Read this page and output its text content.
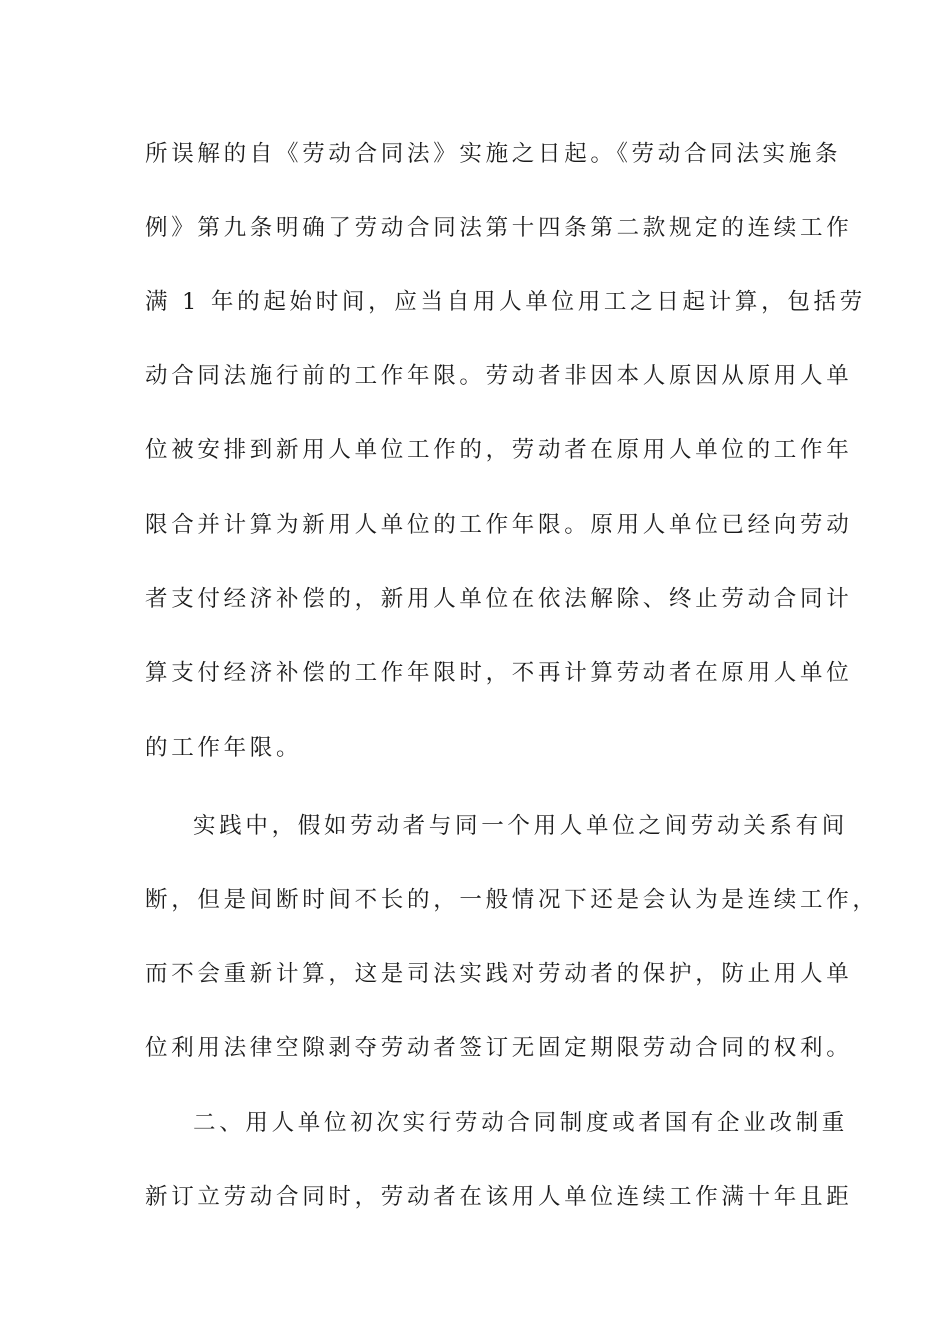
所误解的自《劳动合同法》实施之日起。《劳动合同法实施条
例》第九条明确了劳动合同法第十四条第二款规定的连续工作
满 1 年的起始时间，应当自用人单位用工之日起计算，包括劳
动合同法施行前的工作年限。劳动者非因本人原因从原用人单
位被安排到新用人单位工作的，劳动者在原用人单位的工作年
限合并计算为新用人单位的工作年限。原用人单位已经向劳动
者支付经济补偿的，新用人单位在依法解除、终止劳动合同计
算支付经济补偿的工作年限时，不再计算劳动者在原用人单位
的工作年限。
实践中，假如劳动者与同一个用人单位之间劳动关系有间
断，但是间断时间不长的，一般情况下还是会认为是连续工作，
而不会重新计算，这是司法实践对劳动者的保护，防止用人单
位利用法律空隙剥夺劳动者签订无固定期限劳动合同的权利。
二、用人单位初次实行劳动合同制度或者国有企业改制重
新订立劳动合同时，劳动者在该用人单位连续工作满十年且距
